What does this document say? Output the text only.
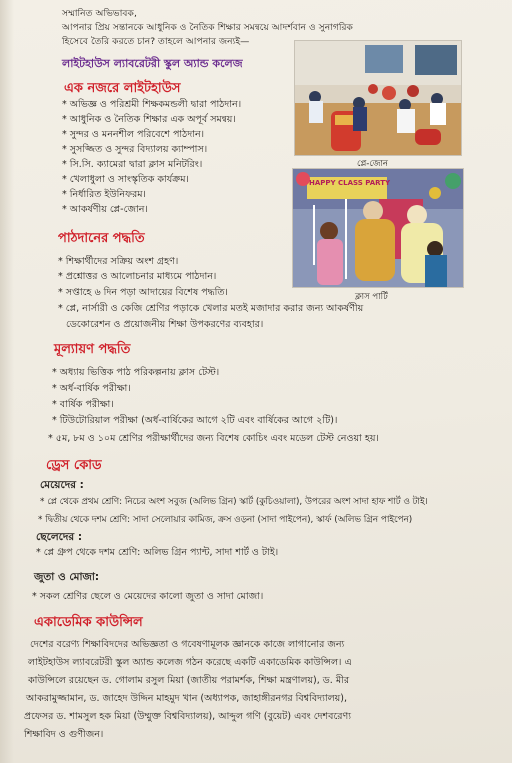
সম্মানিত অভিভাবক,
আপনার প্রিয় সন্তানকে আধুনিক ও নৈতিক শিক্ষার সমন্বয়ে আদর্শবান ও সুনাগরিক
হিসেবে তৈরি করতে চান? তাহলে আপনার জন্যই—
লাইটহাউস ল্যাবরেটরী স্কুল অ্যান্ড কলেজ
এক নজরে লাইটহাউস
* অভিজ্ঞ ও পরিশ্রমী শিক্ষকমন্ডলী দ্বারা পাঠদান।
* আধুনিক ও নৈতিক শিক্ষার এক অপূর্ব সমন্বয়।
* সুন্দর ও মননশীল পরিবেশে পাঠদান।
* সুসজ্জিত ও সুন্দর বিদ্যালয় ক্যাম্পাস।
* সি.সি. ক্যামেরা দ্বারা ক্লাস মনিটরিং।
* খেলাধুলা ও সাংস্কৃতিক কার্যক্রম।
* নির্ধারিত ইউনিফরম।
* আকর্ষণীয় প্লে-জোন।
প্লে-জোন
HAPPY CLASS PARTY
ক্লাস পার্টি
পাঠদানের পদ্ধতি
* শিক্ষার্থীদের সক্রিয় অংশ গ্রহণ।
* প্রশ্নোত্তর ও আলোচনার মাধ্যমে পাঠদান।
* সপ্তাহে ৬ দিন পড়া আদায়ের বিশেষ পদ্ধতি।
* প্লে, নার্সারী ও কেজি শ্রেণির পড়াকে খেলার মতই মজাদার করার জন্য আকর্ষণীয়
ডেকোরেশন ও প্রয়োজনীয় শিক্ষা উপকরণের ব্যবহার।
মূল্যায়ণ পদ্ধতি
* অধ্যায় ভিত্তিক পাঠ পরিকল্পনায় ক্লাস টেস্ট।
* অর্ধ-বার্ষিক পরীক্ষা।
* বার্ষিক পরীক্ষা।
* টিউটোরিয়াল পরীক্ষা (অর্ধ-বার্ষিকের আগে ২টি এবং বার্ষিকের আগে ২টি)।
* ৫ম, ৮ম ও ১০ম শ্রেণির পরীক্ষার্থীদের জন্য বিশেষ কোচিং এবং মডেল টেস্ট নেওয়া হয়।
ড্রেস কোড
মেয়েদের :
* প্লে থেকে প্রথম শ্রেণি: নিচের অংশ সবুজ (অলিভ গ্রিন) স্কার্ট (কুচিওয়ালা), উপরের অংশ সাদা হাফ শার্ট ও টাই।
* দ্বিতীয় থেকে দশম শ্রেণি: সাদা সেলোয়ার কামিজ, ক্রস ওড়না (সাদা পাইপেন), স্কার্ফ (অলিভ গ্রিন পাইপেন)
ছেলেদের :
* প্লে গ্রুপ থেকে দশম শ্রেণি: অলিভ গ্রিন প্যান্ট, সাদা শার্ট ও টাই।
জুতা ও মোজা:
* সকল শ্রেণির ছেলে ও মেয়েদের কালো জুতা ও সাদা মোজা।
একাডেমিক কাউন্সিল
দেশের বরেণ্য শিক্ষাবিদদের অভিজ্ঞতা ও গবেষণামূলক জ্ঞানকে কাজে লাগানোর জন্য
লাইটহাউস ল্যাবরেটরী স্কুল অ্যান্ড কলেজ গঠন করেছে একটি একাডেমিক কাউন্সিল। এ
কাউন্সিলে রয়েছেন ড. গোলাম রসুল মিয়া (জাতীয় পরামর্শক, শিক্ষা মন্ত্রণালয়), ড. মীর
আকরামুজ্জামান, ড. জাহেদ উদ্দিন মাহমুদ খান (অধ্যাপক, জাহাঙ্গীরনগর বিশ্ববিদ্যালয়),
প্রফেসর ড. শামসুল হক মিয়া (উম্মুক্ত বিশ্ববিদ্যালয়), আব্দুল গণি (বুয়েট) এবং দেশবরেণ্য
শিক্ষাবিদ ও গুণীজন।
